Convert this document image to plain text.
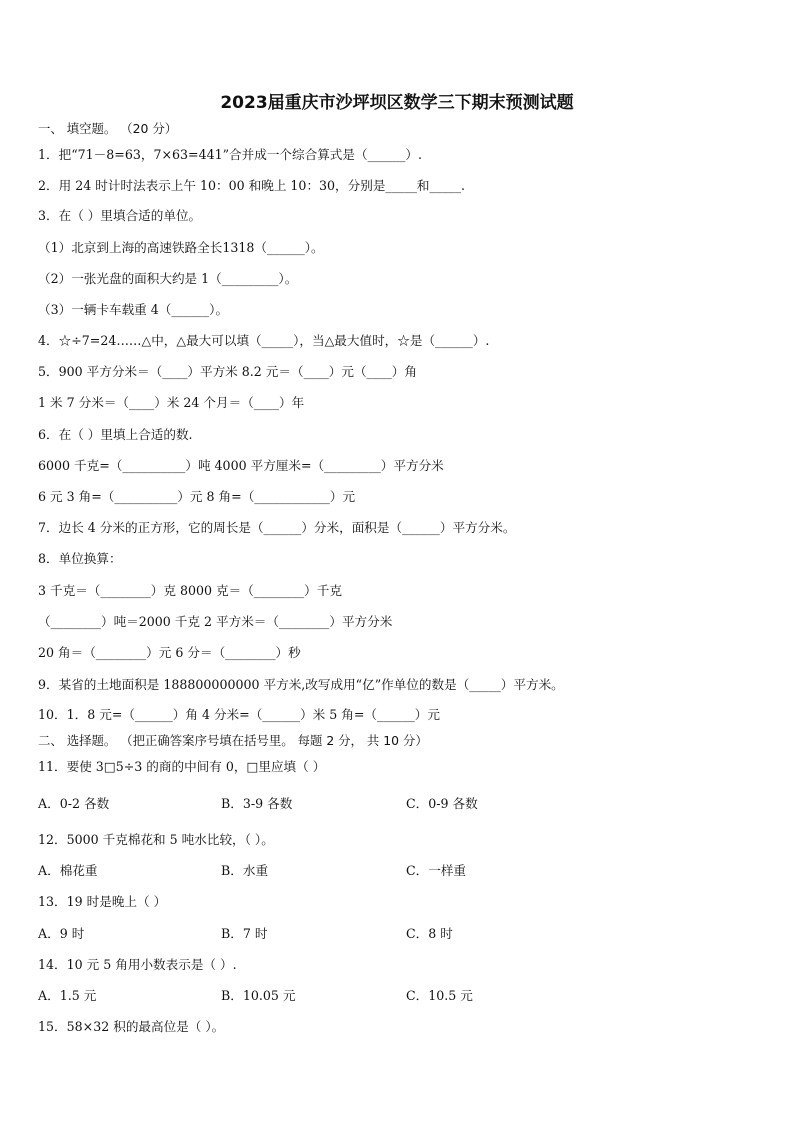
2023届重庆市沙坪坝区数学三下期末预测试题
一、 填空题。 （20 分）
1．把“71－8=63，7×63=441”合并成一个综合算式是（______）.
2．用 24 时计时法表示上午 10：00 和晚上 10：30，分别是_____和_____.
3．在（ ）里填合适的单位。
（1）北京到上海的高速铁路全长1318（______）。
（2）一张光盘的面积大约是 1（_________）。
（3）一辆卡车载重 4（______）。
4．☆÷7=24……△中，△最大可以填（_____），当△最大值时，☆是（______）.
5．900 平方分米＝（____）平方米 8.2 元＝（____）元（____）角
1 米 7 分米＝（____）米 24 个月＝（____）年
6．在（ ）里填上合适的数.
6000 千克=（__________）吨 4000 平方厘米=（_________）平方分米
6 元 3 角=（__________）元 8 角=（____________）元
7．边长 4 分米的正方形，它的周长是（______）分米，面积是（______）平方分米。
8．单位换算：
3 千克＝（________）克 8000 克＝（________）千克
（________）吨＝2000 千克 2 平方米＝（________）平方分米
20 角＝（________）元 6 分＝（________）秒
9．某省的土地面积是 188800000000 平方米,改写成用“亿”作单位的数是（_____）平方米。
10．1．8 元=（______）角 4 分米=（______）米 5 角=（______）元
二、 选择题。 （把正确答案序号填在括号里。 每题 2 分， 共 10 分）
11．要使 3□5÷3 的商的中间有 0，□里应填（ ）
A．0-2 各数	B．3-9 各数	C．0-9 各数
12．5000 千克棉花和 5 吨水比较，（ ）。
A．棉花重	B．水重	C．一样重
13．19 时是晚上（ ）
A．9 时	B．7 时	C．8 时
14．10 元 5 角用小数表示是（ ）.
A．1.5 元	B．10.05 元	C．10.5 元
15．58×32 积的最高位是（ ）。
